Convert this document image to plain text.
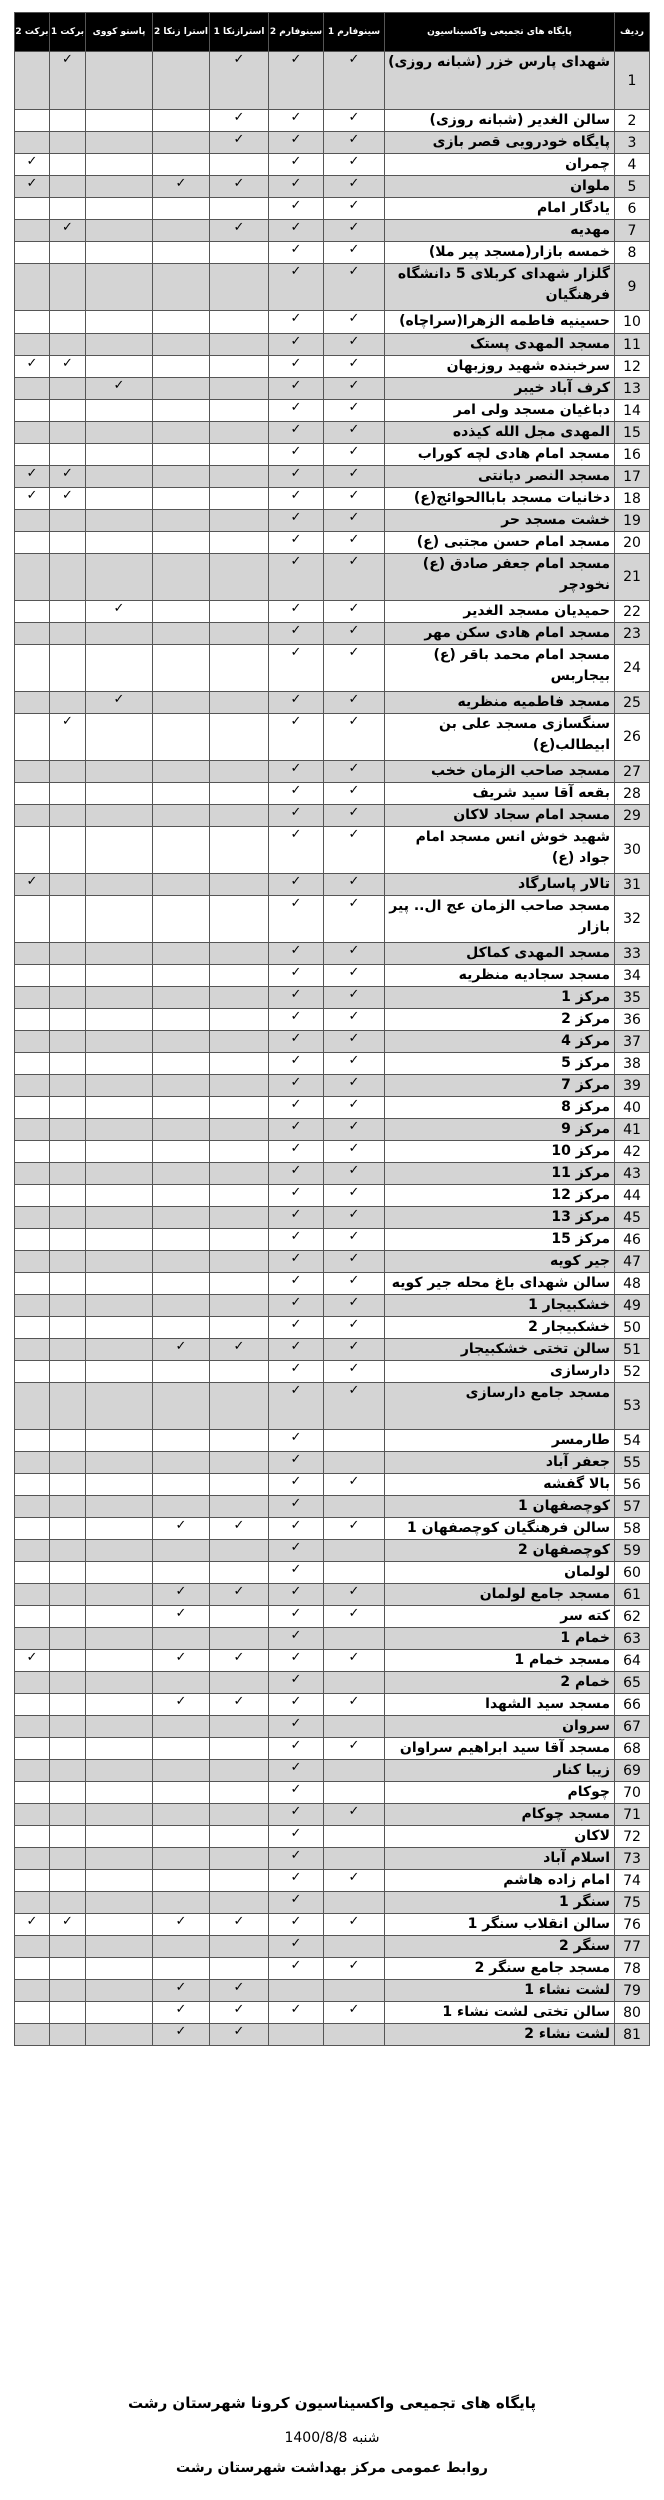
ردیف	پایگاه های تجمیعی واکسیناسیون	سینوفارم 1	سینوفارم 2	استرازنکا 1	استرا زنکا 2	پاستو کووی	برکت 1	برکت 2
1	شهدای پارس خزر (شبانه روزی)	✓	✓	✓			✓	
2	سالن الغدیر (شبانه روزی)	✓	✓	✓				
3	پایگاه خودرویی قصر بازی	✓	✓	✓				
4	چمران	✓	✓					✓
5	ملوان	✓	✓	✓	✓			✓
6	یادگار امام	✓	✓					
7	مهدیه	✓	✓	✓			✓	
8	خمسه بازار(مسجد پیر ملا)	✓	✓					
9	گلزار شهدای کربلای 5 دانشگاه فرهنگیان	✓	✓					
10	حسینیه فاطمه الزهرا(سراچاه)	✓	✓					
11	مسجد المهدی پستک	✓	✓					
12	سرخبنده شهید روزبهان	✓	✓				✓	✓
13	کرف آباد خیبر	✓	✓			✓		
14	دباغیان مسجد ولی امر	✓	✓					
15	المهدی مجل الله کیذده	✓	✓					
16	مسجد امام هادی لچه کوراب	✓	✓					
17	مسجد النصر دیانتی	✓	✓				✓	✓
18	دخانیات مسجد باباالحوائج(ع)	✓	✓				✓	✓
19	خشت مسجد حر	✓	✓					
20	مسجد امام حسن مجتبی (ع)	✓	✓					
21	مسجد امام جعفر صادق (ع) نخودچر	✓	✓					
22	حمیدیان مسجد الغدیر	✓	✓			✓		
23	مسجد امام هادی سکن مهر	✓	✓					
24	مسجد امام محمد باقر (ع) بیجاربس	✓	✓					
25	مسجد فاطمیه منظریه	✓	✓			✓		
26	سنگسازی مسجد علی بن ابیطالب(ع)	✓	✓				✓	
27	مسجد صاحب الزمان خخب	✓	✓					
28	بقعه آقا سید شریف	✓	✓					
29	مسجد امام سجاد لاکان	✓	✓					
30	شهید خوش انس مسجد امام جواد (ع)	✓	✓					
31	تالار پاسارگاد	✓	✓					✓
32	مسجد صاحب الزمان عج ال.. پیر بازار	✓	✓					
33	مسجد المهدی کماکل	✓	✓					
34	مسجد سجادیه منظریه	✓	✓					
35	مرکز 1	✓	✓					
36	مرکز 2	✓	✓					
37	مرکز 4	✓	✓					
38	مرکز 5	✓	✓					
39	مرکز 7	✓	✓					
40	مرکز 8	✓	✓					
41	مرکز 9	✓	✓					
42	مرکز 10	✓	✓					
43	مرکز 11	✓	✓					
44	مرکز 12	✓	✓					
45	مرکز 13	✓	✓					
46	مرکز 15	✓	✓					
47	جیر کویه	✓	✓					
48	سالن شهدای باغ محله جیر کویه	✓	✓					
49	خشکبیجار 1	✓	✓					
50	خشکبیجار 2	✓	✓					
51	سالن تختی خشکبیجار	✓	✓	✓	✓			
52	دارسازی	✓	✓					
53	مسجد جامع دارسازی	✓	✓					
54	طارمسر		✓					
55	جعفر آباد		✓					
56	بالا گفشه	✓	✓					
57	کوچصفهان 1		✓					
58	سالن فرهنگیان کوچصفهان 1	✓	✓	✓	✓			
59	کوچصفهان 2		✓					
60	لولمان		✓					
61	مسجد جامع لولمان	✓	✓	✓	✓			
62	کته سر	✓	✓		✓			
63	خمام 1		✓					
64	مسجد خمام 1	✓	✓	✓	✓			✓
65	خمام 2		✓					
66	مسجد سید الشهدا	✓	✓	✓	✓			
67	سروان		✓					
68	مسجد آقا سید ابراهیم سراوان	✓	✓					
69	زیبا کنار		✓					
70	چوکام		✓					
71	مسجد چوکام	✓	✓					
72	لاکان		✓					
73	اسلام آباد		✓					
74	امام زاده هاشم	✓	✓					
75	سنگر 1		✓					
76	سالن انقلاب سنگر 1	✓	✓	✓	✓		✓	✓
77	سنگر 2		✓					
78	مسجد جامع سنگر 2	✓	✓					
79	لشت نشاء 1			✓	✓			
80	سالن تختی لشت نشاء 1	✓	✓	✓	✓			
81	لشت نشاء 2			✓	✓			
پایگاه های تجمیعی واکسیناسیون کرونا شهرستان رشت
شنبه 1400/8/8
روابط عمومی مرکز بهداشت شهرستان رشت
